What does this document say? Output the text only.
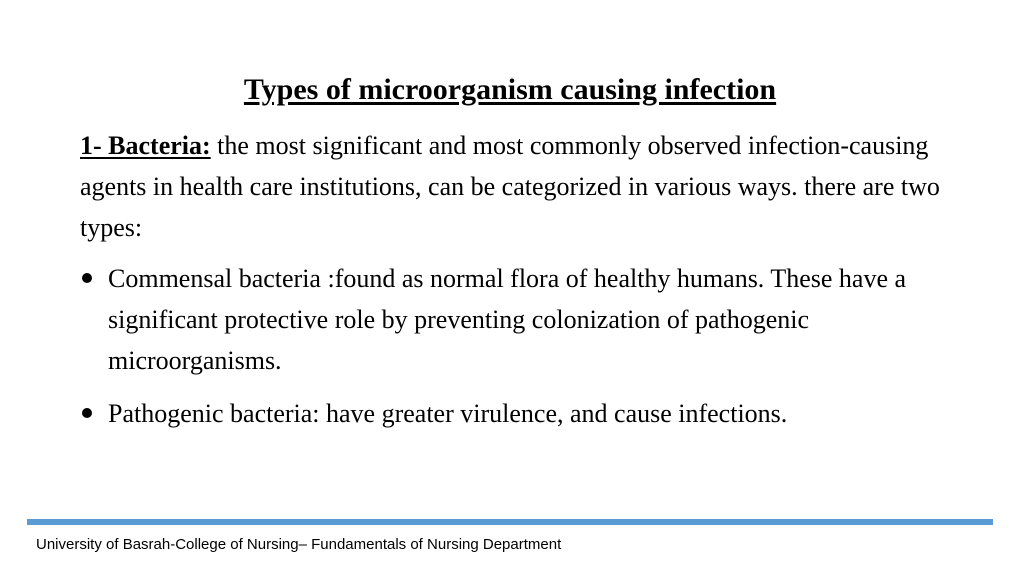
Types of microorganism causing infection

1- Bacteria: the most significant and most commonly observed infection-causing agents in health care institutions, can be categorized in various ways. there are two types:

Commensal bacteria :found as normal flora of healthy humans. These have a significant protective role by preventing colonization of pathogenic microorganisms.
Pathogenic bacteria: have greater virulence, and cause infections.
University of Basrah-College of Nursing– Fundamentals of Nursing Department
